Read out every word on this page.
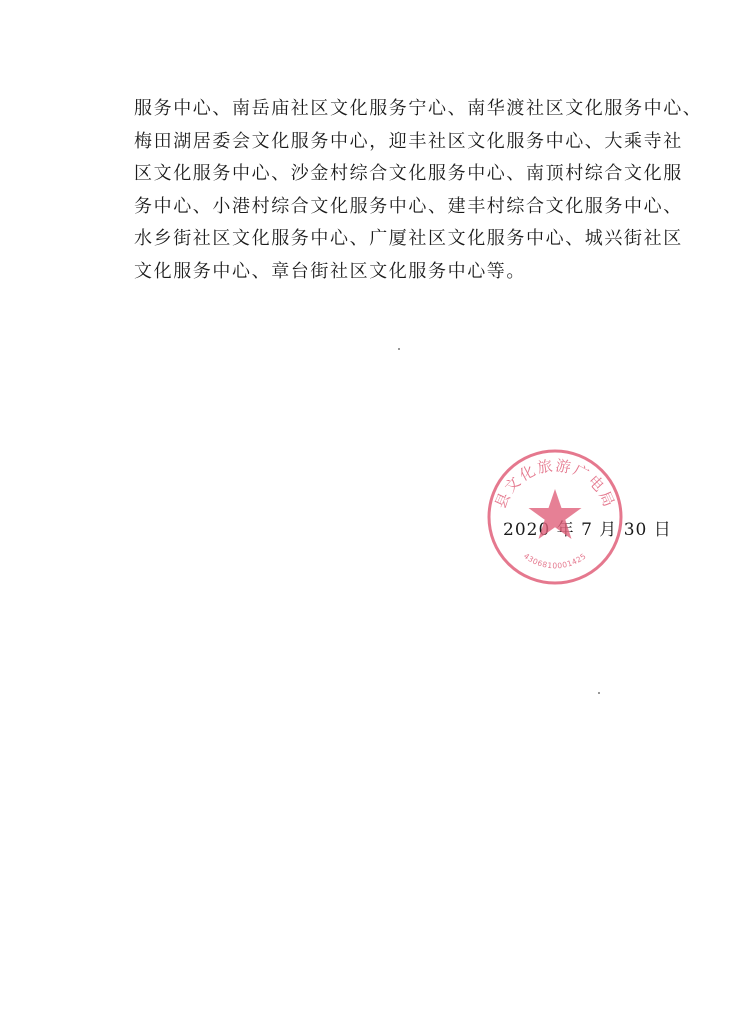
服务中心、南岳庙社区文化服务宁心、南华渡社区文化服务中心、
梅田湖居委会文化服务中心，迎丰社区文化服务中心、大乘寺社
区文化服务中心、沙金村综合文化服务中心、南顶村综合文化服
务中心、小港村综合文化服务中心、建丰村综合文化服务中心、
水乡街社区文化服务中心、广厦社区文化服务中心、城兴街社区
文化服务中心、章台街社区文化服务中心等。
2020 年 7 月 30 日
县文化旅游广电局
4306810001425
